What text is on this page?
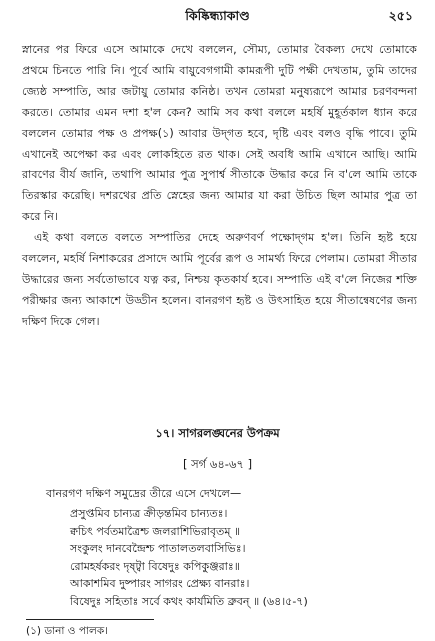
কিষ্কিন্ধ্যাকাণ্ড	২৫১

স্নানের পর ফিরে এসে আমাকে দেখে বললেন, সৌম্য, তোমার বৈকল্য দেখে তোমাকে প্রথমে চিনতে পারি নি। পূর্বে আমি বায়ুবেগগামী কামরূপী দুটি পক্ষী দেখতাম, তুমি তাদের জ্যেষ্ঠ সম্পাতি, আর জটায়ু তোমার কনিষ্ঠ। তখন তোমরা মনুষ্যরূপে আমার চরণবন্দনা করতে। তোমার এমন দশা হ'ল কেন? আমি সব কথা বললে মহর্ষি মুহূর্তকাল ধ্যান করে বললেন তোমার পক্ষ ও প্রপক্ষ(১) আবার উদ্‌গত হবে, দৃষ্টি এবং বলও বৃদ্ধি পাবে। তুমি এখানেই অপেক্ষা কর এবং লোকহিতে রত থাক। সেই অবধি আমি এখানে আছি। আমি রাবণের বীর্য জানি, তথাপি আমার পুত্র সুপার্শ্ব সীতাকে উদ্ধার করে নি ব'লে আমি তাকে তিরস্কার করেছি। দশরথের প্রতি স্নেহের জন্য আমার যা করা উচিত ছিল আমার পুত্র তা করে নি।

এই কথা বলতে বলতে সম্পাতির দেহে অরুণবর্ণ পক্ষোদ্‌গম হ'ল। তিনি হৃষ্ট হয়ে বললেন, মহর্ষি নিশাকরের প্রসাদে আমি পূর্বের রূপ ও সামর্থ্য ফিরে পেলাম। তোমরা সীতার উদ্ধারের জন্য সর্বতোভাবে যত্ন কর, নিশ্চয় কৃতকার্য হবে। সম্পাতি এই ব'লে নিজের শক্তি পরীক্ষার জন্য আকাশে উড্ডীন হলেন। বানরগণ হৃষ্ট ও উৎসাহিত হয়ে সীতান্বেষণের জন্য দক্ষিণ দিকে গেল।

১৭। সাগরলঙ্ঘনের উপক্রম
[ সর্গ ৬৪-৬৭ ]
বানরগণ দক্ষিণ সমুদ্রের তীরে এসে দেখলে—
প্রসুপ্তমিব চান্যত্র ক্রীড়ন্তমিব চান্যতঃ।
ক্বচিৎ পর্বতমাত্রৈশ্চ জলরাশিভিরাবৃতম্ ॥
সংকুলং দানবেন্দ্রৈশ্চ পাতালতলবাসিভিঃ।
রোমহর্ষকরং দৃষ্ট্বা বিষেদুঃ কপিকুঞ্জরাঃ॥
আকাশমিব দুষ্পারং সাগরং প্রেক্ষ্য বানরাঃ।
বিষেদুঃ সহিতাঃ সর্বে কথং কার্যমিতি ব্রুবন্ ॥ (৬৪।৫-৭)
(১) ডানা ও পালক।
